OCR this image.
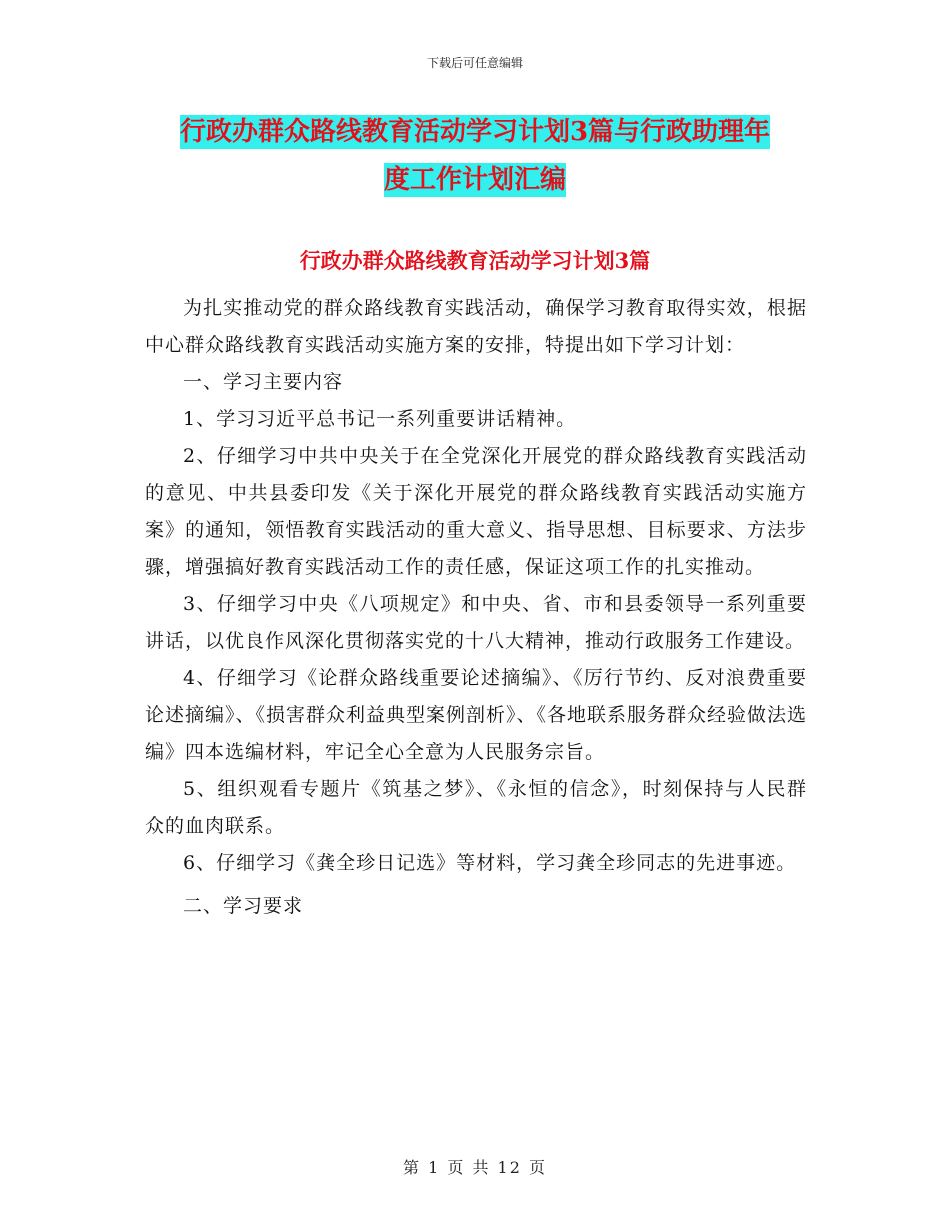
下载后可任意编辑
行政办群众路线教育活动学习计划3篇与行政助理年
度工作计划汇编
行政办群众路线教育活动学习计划3篇

为扎实推动党的群众路线教育实践活动，确保学习教育取得实效，根据中心群众路线教育实践活动实施方案的安排，特提出如下学习计划：

一、学习主要内容

1、学习习近平总书记一系列重要讲话精神。

2、仔细学习中共中央关于在全党深化开展党的群众路线教育实践活动的意见、中共县委印发《关于深化开展党的群众路线教育实践活动实施方案》的通知，领悟教育实践活动的重大意义、指导思想、目标要求、方法步骤，增强搞好教育实践活动工作的责任感，保证这项工作的扎实推动。

3、仔细学习中央《八项规定》和中央、省、市和县委领导一系列重要讲话，以优良作风深化贯彻落实党的十八大精神，推动行政服务工作建设。

4、仔细学习《论群众路线重要论述摘编》、《厉行节约、反对浪费重要论述摘编》、《损害群众利益典型案例剖析》、《各地联系服务群众经验做法选编》四本选编材料，牢记全心全意为人民服务宗旨。

5、组织观看专题片《筑基之梦》、《永恒的信念》，时刻保持与人民群众的血肉联系。

6、仔细学习《龚全珍日记选》等材料，学习龚全珍同志的先进事迹。

二、学习要求

第 1 页 共 12 页
